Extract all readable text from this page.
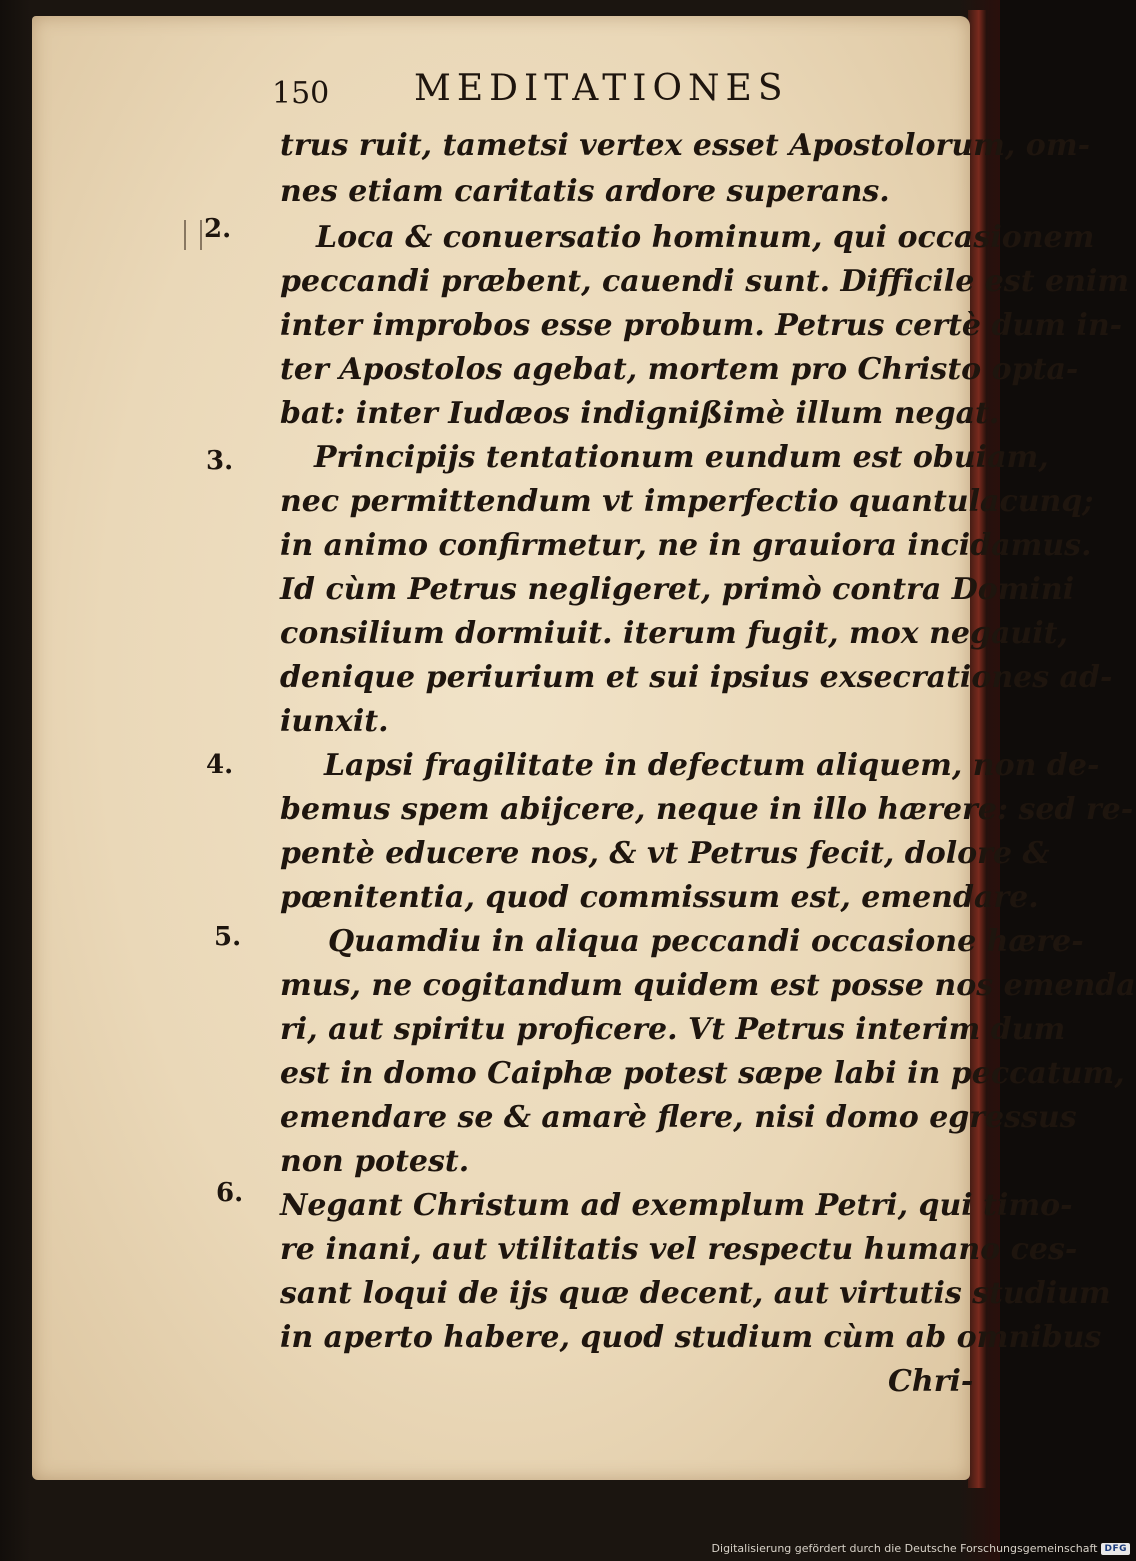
150 MEDITATIONES
2.
3.
4.
5.
6.
trus ruit, tametsi vertex esset Apostolorum, om-
nes etiam caritatis ardore superans.
Loca & conuersatio hominum, qui occasionem
peccandi præbent, cauendi sunt. Difficile est enim
inter improbos esse probum. Petrus certè dum in-
ter Apostolos agebat, mortem pro Christo opta-
bat: inter Iudæos indignißimè illum negat.
Principijs tentationum eundum est obuiam,
nec permittendum vt imperfectio quantulacunq;
in animo confirmetur, ne in grauiora incidamus.
Id cùm Petrus negligeret, primò contra Domini
consilium dormiuit. iterum fugit, mox negauit,
denique periurium et sui ipsius exsecrationes ad-
iunxit.
Lapsi fragilitate in defectum aliquem, non de-
bemus spem abijcere, neque in illo hærere: sed re-
pentè educere nos, & vt Petrus fecit, dolore &
pœnitentia, quod commissum est, emendare.
Quamdiu in aliqua peccandi occasione hære-
mus, ne cogitandum quidem est posse nos emenda
ri, aut spiritu proficere. Vt Petrus interim dum
est in domo Caiphæ potest sæpe labi in peccatum,
emendare se & amarè flere, nisi domo egressus
non potest.
Negant Christum ad exemplum Petri, qui timo-
re inani, aut vtilitatis vel respectu humano ces-
sant loqui de ijs quæ decent, aut virtutis studium
in aperto habere, quod studium cùm ab omnibus
Chri-
Digitalisierung gefördert durch die Deutsche Forschungsgemeinschaft DFG
